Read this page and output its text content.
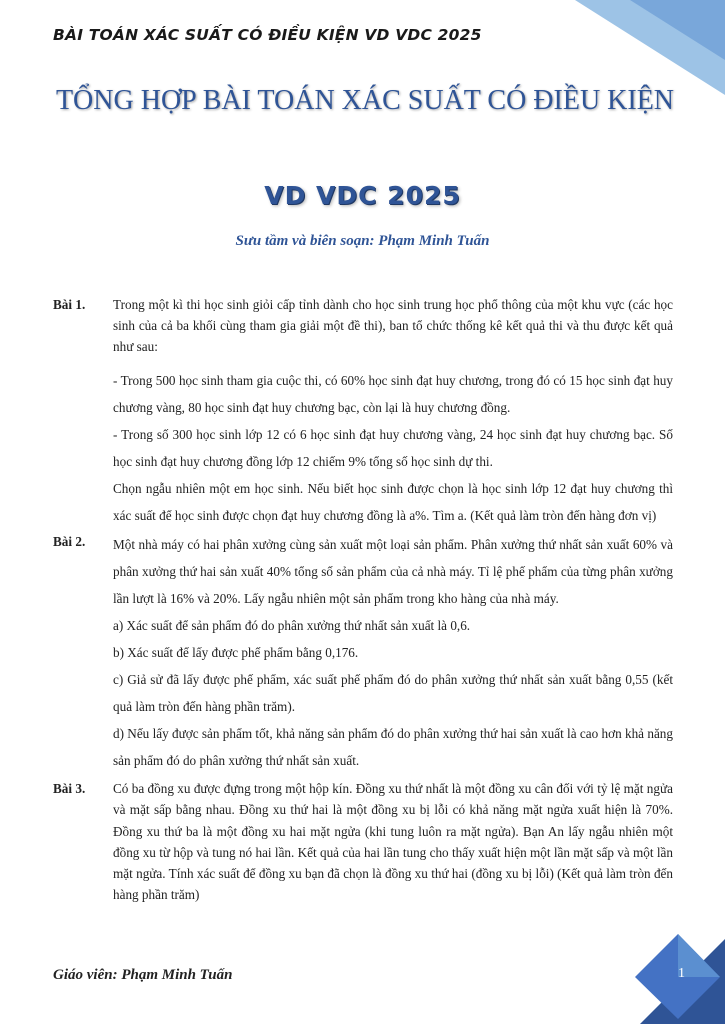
BÀI TOÁN XÁC SUẤT CÓ ĐIỀU KIỆN VD VDC 2025
TỔNG HỢP BÀI TOÁN XÁC SUẤT CÓ ĐIỀU KIỆN
VD VDC 2025
Sưu tầm và biên soạn: Phạm Minh Tuấn
Bài 1.	Trong một kì thi học sinh giỏi cấp tỉnh dành cho học sinh trung học phổ thông của một khu vực (các học sinh của cả ba khối cùng tham gia giải một đề thi), ban tổ chức thống kê kết quả thi và thu được kết quả như sau:

- Trong 500 học sinh tham gia cuộc thi, có 60% học sinh đạt huy chương, trong đó có 15 học sinh đạt huy chương vàng, 80 học sinh đạt huy chương bạc, còn lại là huy chương đồng.

- Trong số 300 học sinh lớp 12 có 6 học sinh đạt huy chương vàng, 24 học sinh đạt huy chương bạc. Số học sinh đạt huy chương đồng lớp 12 chiếm 9% tổng số học sinh dự thi.

Chọn ngẫu nhiên một em học sinh. Nếu biết học sinh được chọn là học sinh lớp 12 đạt huy chương thì xác suất để học sinh được chọn đạt huy chương đồng là a%. Tìm a. (Kết quả làm tròn đến hàng đơn vị)

Bài 2.	Một nhà máy có hai phân xưởng cùng sản xuất một loại sản phẩm. Phân xưởng thứ nhất sản xuất 60% và phân xưởng thứ hai sản xuất 40% tổng số sản phẩm của cả nhà máy. Tỉ lệ phế phẩm của từng phân xưởng lần lượt là 16% và 20%. Lấy ngẫu nhiên một sản phẩm trong kho hàng của nhà máy.

a) Xác suất để sản phẩm đó do phân xưởng thứ nhất sản xuất là 0,6.

b) Xác suất để lấy được phế phẩm bằng 0,176.

c) Giả sử đã lấy được phế phẩm, xác suất phế phẩm đó do phân xưởng thứ nhất sản xuất bằng 0,55 (kết quả làm tròn đến hàng phần trăm).

d) Nếu lấy được sản phẩm tốt, khả năng sản phẩm đó do phân xưởng thứ hai sản xuất là cao hơn khả năng sản phẩm đó do phân xưởng thứ nhất sản xuất.

Bài 3.	Có ba đồng xu được đựng trong một hộp kín. Đồng xu thứ nhất là một đồng xu cân đối với tỷ lệ mặt ngửa và mặt sấp bằng nhau. Đồng xu thứ hai là một đồng xu bị lỗi có khả năng mặt ngửa xuất hiện là 70%. Đồng xu thứ ba là một đồng xu hai mặt ngửa (khi tung luôn ra mặt ngửa). Bạn An lấy ngẫu nhiên một đồng xu từ hộp và tung nó hai lần. Kết quả của hai lần tung cho thấy xuất hiện một lần mặt sấp và một lần mặt ngửa. Tính xác suất để đồng xu bạn đã chọn là đồng xu thứ hai (đồng xu bị lỗi) (Kết quả làm tròn đến hàng phần trăm)

Giáo viên: Phạm Minh Tuấn	1
